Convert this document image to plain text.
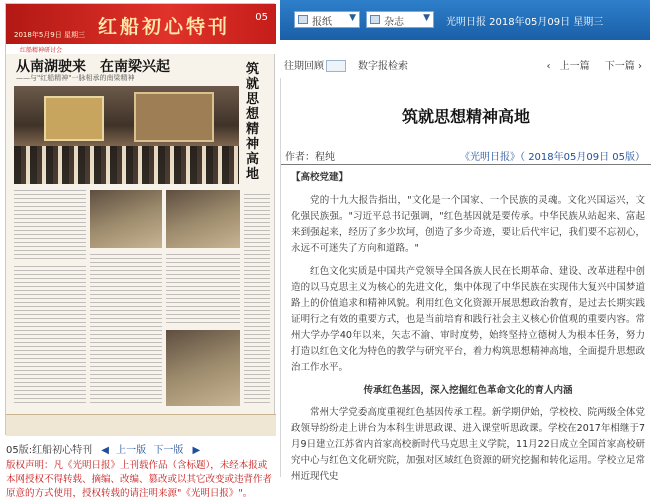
红船初心特刊	05
2018年5月9日 星期三
红船精神研讨会
从南湖驶来　在南梁兴起
——与"红船精神"一脉相承的南梁精神
筑就思想精神高地
05版:红船初心特刊 ◀ 上一版 下一版 ▶
版权声明：凡《光明日报》上刊载作品（含标题），未经本报或本网授权不得转载、摘编、改编、篡改或以其它改变或违背作者原意的方式使用，授权转载的请注明来源"《光明日报》"。
报纸 ▼	杂志 ▼ 光明日报 2018年05月09日 星期三
往期回顾	数字报检索	‹ 上一篇 下一篇 ›
筑就思想精神高地
作者：程纯	《光明日报》（ 2018年05月09日 05版）

【高校党建】

党的十九大报告指出，"文化是一个国家、一个民族的灵魂。文化兴国运兴，文化强民族强。"习近平总书记强调，"红色基因就是要传承。中华民族从站起来、富起来到强起来，经历了多少坎坷，创造了多少奇迹，要让后代牢记，我们要不忘初心，永远不可迷失了方向和道路。"

红色文化实质是中国共产党领导全国各族人民在长期革命、建设、改革进程中创造的以马克思主义为核心的先进文化，集中体现了中华民族在实现伟大复兴中国梦道路上的价值追求和精神风貌。利用红色文化资源开展思想政治教育，是过去长期实践证明行之有效的重要方式，也是当前培育和践行社会主义核心价值观的重要内容。常州大学办学40年以来，矢志不渝、审时度势，始终坚持立德树人为根本任务，努力打造以红色文化为特色的教学与研究平台，着力构筑思想精神高地，全面提升思想政治工作水平。

传承红色基因，深入挖掘红色革命文化的育人内涵

常州大学党委高度重视红色基因传承工程。新学期伊始，学校校、院两级全体党政领导纷纷走上讲台为本科生讲思政课、进入课堂听思政课。学校在2017年相继于7月9日建立江苏省内首家高校新时代马克思主义学院，11月22日成立全国首家高校研究中心与红色文化研究院，加强对区域红色资源的研究挖掘和转化运用。学校立足常州近现代史
